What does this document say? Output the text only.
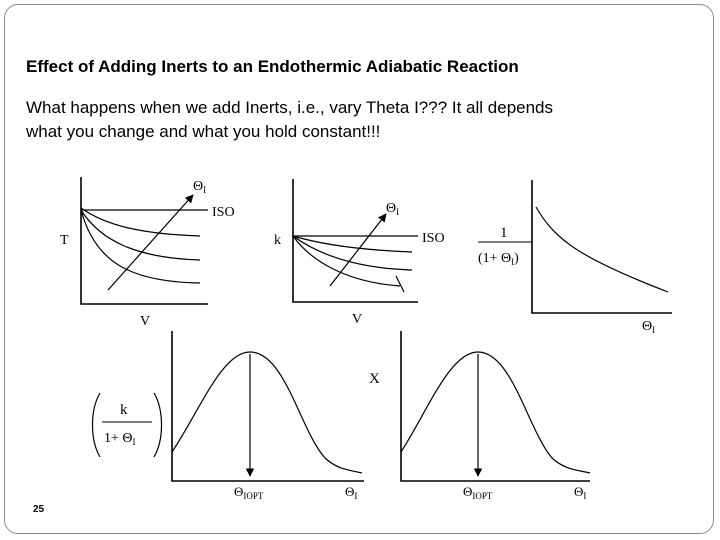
Effect of Adding Inerts to an Endothermic Adiabatic Reaction
What happens when we add Inerts, i.e., vary Theta I??? It all depends
what you change and what you hold constant!!!
25
T
V
ISO
$\Theta_I$
k
V
ISO
$\Theta_I$
1
$(1+ \Theta_I)$
$\Theta_I$
$\Theta_{IOPT}$	$\Theta_I$
k
$1+ \Theta_I$
X
$\Theta_{IOPT}$	$\Theta_I$
